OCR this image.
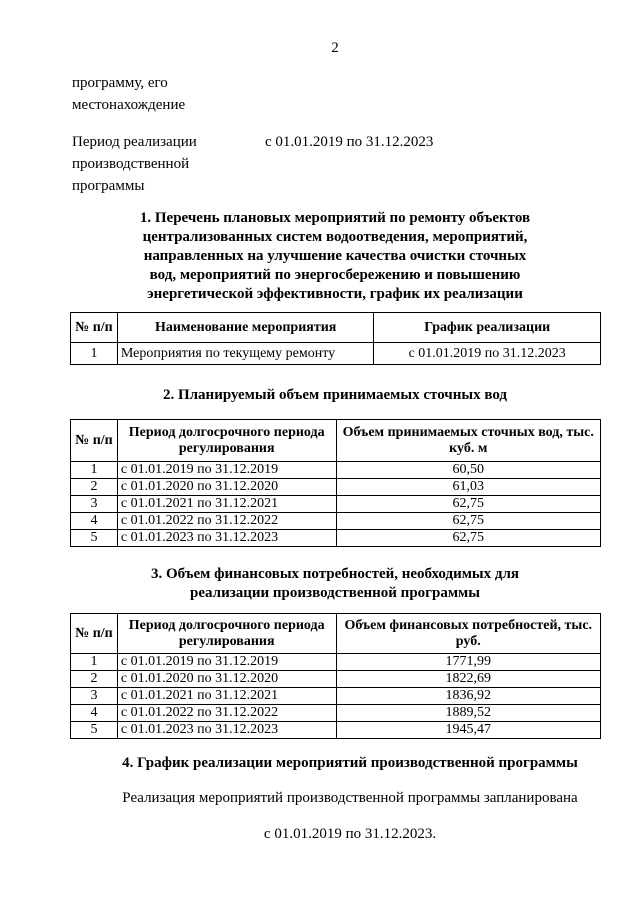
2
программу, его
местонахождение
Период реализации
производственной
программы
с 01.01.2019 по 31.12.2023
1. Перечень плановых мероприятий по ремонту объектов
централизованных систем водоотведения, мероприятий,
направленных на улучшение качества очистки сточных
вод, мероприятий по энергосбережению и повышению
энергетической эффективности, график их реализации
№ п/п	Наименование мероприятия	График реализации
1	Мероприятия по текущему ремонту	с 01.01.2019 по 31.12.2023
2. Планируемый объем принимаемых сточных вод
№ п/п	Период долгосрочного периода регулирования	Объем принимаемых сточных вод, тыс. куб. м
1	с 01.01.2019 по 31.12.2019	60,50
2	с 01.01.2020 по 31.12.2020	61,03
3	с 01.01.2021 по 31.12.2021	62,75
4	с 01.01.2022 по 31.12.2022	62,75
5	с 01.01.2023 по 31.12.2023	62,75
3. Объем финансовых потребностей, необходимых для
реализации производственной программы
№ п/п	Период долгосрочного периода регулирования	Объем финансовых потребностей, тыс. руб.
1	с 01.01.2019 по 31.12.2019	1771,99
2	с 01.01.2020 по 31.12.2020	1822,69
3	с 01.01.2021 по 31.12.2021	1836,92
4	с 01.01.2022 по 31.12.2022	1889,52
5	с 01.01.2023 по 31.12.2023	1945,47
4. График реализации мероприятий производственной программы
Реализация мероприятий производственной программы запланирована
с 01.01.2019 по 31.12.2023.
